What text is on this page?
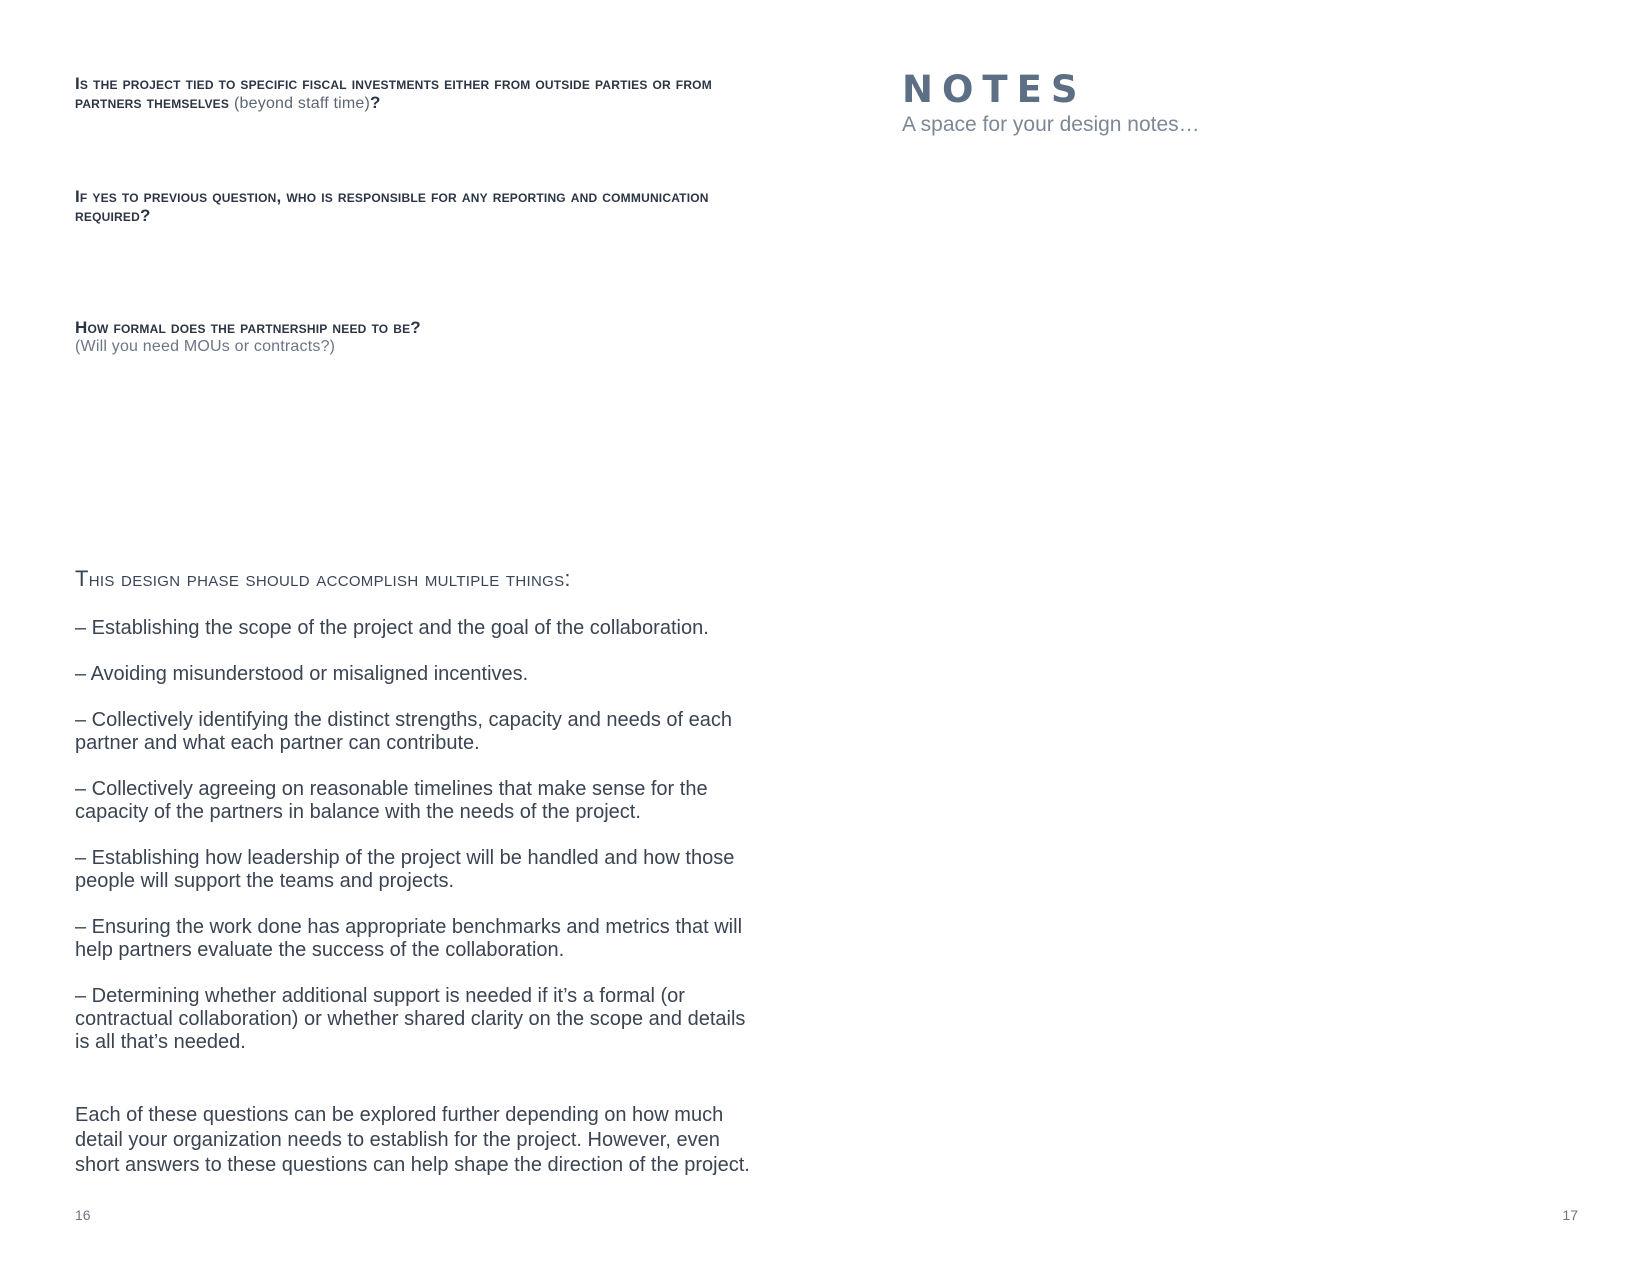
Is the project tied to specific fiscal investments either from outside parties or from partners themselves (beyond staff time)?
If yes to previous question, who is responsible for any reporting and communication required?
How formal does the partnership need to be?
(Will you need MOUs or contracts?)
This design phase should accomplish multiple things:
– Establishing the scope of the project and the goal of the collaboration.
– Avoiding misunderstood or misaligned incentives.
– Collectively identifying the distinct strengths, capacity and needs of each partner and what each partner can contribute.
– Collectively agreeing on reasonable timelines that make sense for the capacity of the partners in balance with the needs of the project.
– Establishing how leadership of the project will be handled and how those people will support the teams and projects.
– Ensuring the work done has appropriate benchmarks and metrics that will help partners evaluate the success of the collaboration.
– Determining whether additional support is needed if it’s a formal (or contractual collaboration) or whether shared clarity on the scope and details is all that’s needed.
Each of these questions can be explored further depending on how much detail your organization needs to establish for the project. However, even short answers to these questions can help shape the direction of the project.
16
NOTES
A space for your design notes…
17
